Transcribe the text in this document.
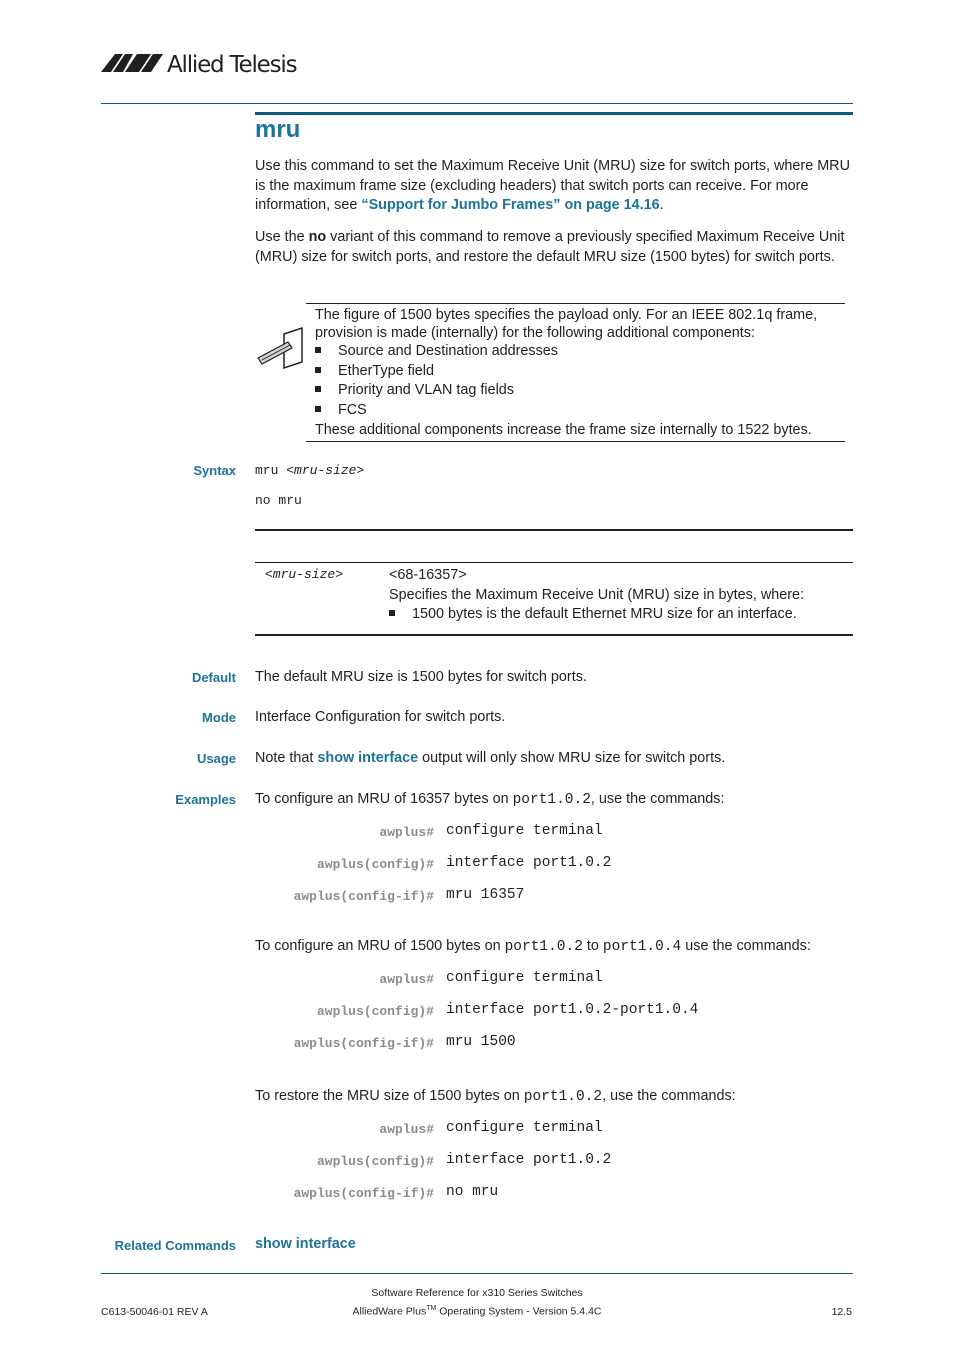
Allied Telesis
mru
Use this command to set the Maximum Receive Unit (MRU) size for switch ports, where MRU is the maximum frame size (excluding headers) that switch ports can receive. For more information, see “Support for Jumbo Frames” on page 14.16.
Use the no variant of this command to remove a previously specified Maximum Receive Unit (MRU) size for switch ports, and restore the default MRU size (1500 bytes) for switch ports.
The figure of 1500 bytes specifies the payload only. For an IEEE 802.1q frame, provision is made (internally) for the following additional components:
Source and Destination addresses
EtherType field
Priority and VLAN tag fields
FCS
These additional components increase the frame size internally to 1522 bytes.
Syntax mru <mru-size>
no mru
<mru-size>	<68-16357>
Specifies the Maximum Receive Unit (MRU) size in bytes, where:
1500 bytes is the default Ethernet MRU size for an interface.
Default The default MRU size is 1500 bytes for switch ports.
Mode Interface Configuration for switch ports.
Usage Note that show interface output will only show MRU size for switch ports.
Examples To configure an MRU of 16357 bytes on port1.0.2, use the commands:
awplus# configure terminal
awplus(config)# interface port1.0.2
awplus(config-if)# mru 16357
To configure an MRU of 1500 bytes on port1.0.2 to port1.0.4 use the commands:
awplus# configure terminal
awplus(config)# interface port1.0.2-port1.0.4
awplus(config-if)# mru 1500
To restore the MRU size of 1500 bytes on port1.0.2, use the commands:
awplus# configure terminal
awplus(config)# interface port1.0.2
awplus(config-if)# no mru
Related Commands show interface
Software Reference for x310 Series Switches
AlliedWare Plus™ Operating System - Version 5.4.4C
C613-50046-01 REV A	12.5
